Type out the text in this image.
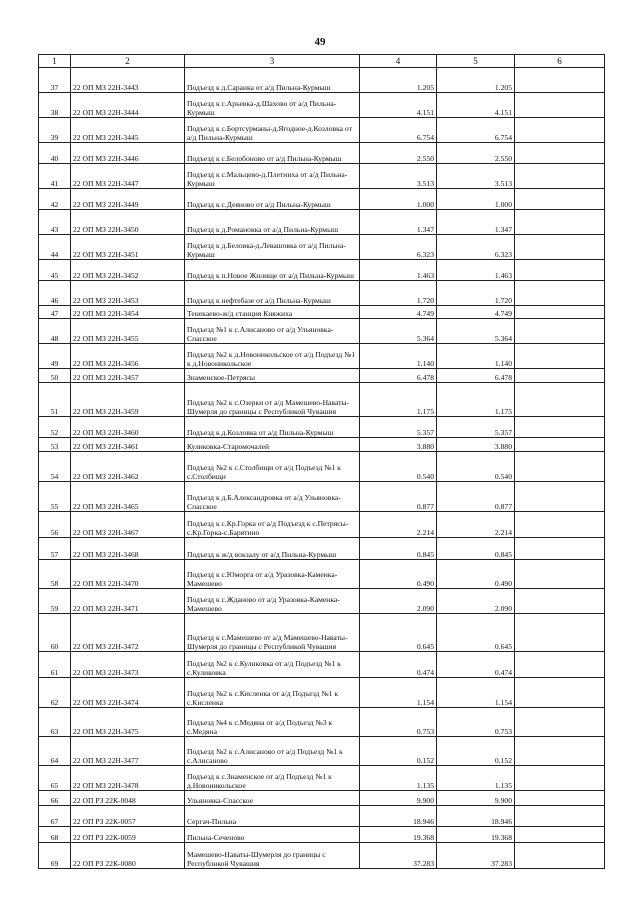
49
1	2	3	4	5	6
37	22 ОП МЗ 22Н-3443	Подъезд к д.Саранка от а/д Пильна-Курмыш	1.205	1.205	
38	22 ОП МЗ 22Н-3444	Подъезд к с.Арьевка-д.Шахово от а/д Пильна-Курмыш	4.151	4.151	
39	22 ОП МЗ 22Н-3445	Подъезд к с.Бортсурманы-д.Ягодное-д.Козловка от а/д Пильна-Курмыш	6.754	6.754	
40	22 ОП МЗ 22Н-3446	Подъезд к с.Белобоново от а/д Пильна-Курмыш	2.550	2.550	
41	22 ОП МЗ 22Н-3447	Подъезд к с.Мальцево-д.Плетниха от а/д Пильна-Курмыш	3.513	3.513	
42	22 ОП МЗ 22Н-3449	Подъезд к с.Деяново от а/д Пильна-Курмыш	1.000	1.000	
43	22 ОП МЗ 22Н-3450	Подъезд к д.Романовка от а/д Пильна-Курмыш	1.347	1.347	
44	22 ОП МЗ 22Н-3451	Подъезд к д.Беловка-д.Левашовка от а/д Пильна-Курмыш	6.323	6.323	
45	22 ОП МЗ 22Н-3452	Подъезд к п.Новое Жилище от а/д Пильна-Курмыш	1.463	1.463	
46	22 ОП МЗ 22Н-3453	Подъезд к нефтебазе от а/д Пильна-Курмыш	1.720	1.720	
47	22 ОП МЗ 22Н-3454	Тенекаево-ж/д станция Княжиха	4.749	4.749	
48	22 ОП МЗ 22Н-3455	Подъезд №1 к с.Алисаново от а/д Ульяновка-Спасское	5.364	5.364	
49	22 ОП МЗ 22Н-3456	Подъезд №2 к д.Новоникольское от а/д Подъезд №1 к д.Новоникольское	1.140	1.140	
50	22 ОП МЗ 22Н-3457	Знаменское-Петрясы	6.478	6.478	
51	22 ОП МЗ 22Н-3459	Подъезд №2 к с.Озерки от а/д Мамешево-Наваты-Шумерля до границы с Республикой Чувашия	1.175	1.175	
52	22 ОП МЗ 22Н-3460	Подъезд к д.Козловка от а/д Пильна-Курмыш	5.357	5.357	
53	22 ОП МЗ 22Н-3461	Куликовка-Старомочалей	3.880	3.880	
54	22 ОП МЗ 22Н-3462	Подъезд №2 к с.Столбищи от а/д Подъезд №1 к с.Столбищи	0.540	0.540	
55	22 ОП МЗ 22Н-3465	Подъезд к д.Б.Александровка от а/д Ульяновка-Спасское	0.877	0.877	
56	22 ОП МЗ 22Н-3467	Подъезд к с.Кр.Горка от а/д Подъезд к с.Петрясы-с.Кр.Горка-с.Барятино	2.214	2.214	
57	22 ОП МЗ 22Н-3468	Подъезд к ж/д вокзалу от а/д Пильна-Курмыш	0.845	0.845	
58	22 ОП МЗ 22Н-3470	Подъезд к с.Юморга от а/д Уразовка-Каменка-Мамешево	0.490	0.490	
59	22 ОП МЗ 22Н-3471	Подъезд к с.Жданово от а/д Уразовка-Каменка-Мамешево	2.090	2.090	
60	22 ОП МЗ 22Н-3472	Подъезд к с.Мамешево от а/д Мамешево-Наваты-Шумерля до границы с Республикой Чувашия	0.645	0.645	
61	22 ОП МЗ 22Н-3473	Подъезд №2 к с.Куликовка от а/д Подъезд №1 к с.Куликовка	0.474	0.474	
62	22 ОП МЗ 22Н-3474	Подъезд №2 к с.Кисленка от а/д Подъезд №1 к с.Кисленка	1.154	1.154	
63	22 ОП МЗ 22Н-3475	Подъезд №4 к с.Медяна от а/д Подъезд №3 к с.Медяна	0.753	0.753	
64	22 ОП МЗ 22Н-3477	Подъезд №2 к с.Алисаново от а/д Подъезд №1 к с.Алисаново	0.152	0.152	
65	22 ОП МЗ 22Н-3478	Подъезд к с.Знаменское от а/д Подъезд №1 к д.Новоникольское	1.135	1.135	
66	22 ОП РЗ 22К-0048	Ульяновка-Спасское	9.900	9.900	
67	22 ОП РЗ 22К-0057	Сергач-Пильна	18.946	18.946	
68	22 ОП РЗ 22К-0059	Пильна-Сеченово	19.368	19.368	
69	22 ОП РЗ 22К-0080	Мамешево-Наваты-Шумерля до границы с Республикой Чувашия	37.283	37.283	
